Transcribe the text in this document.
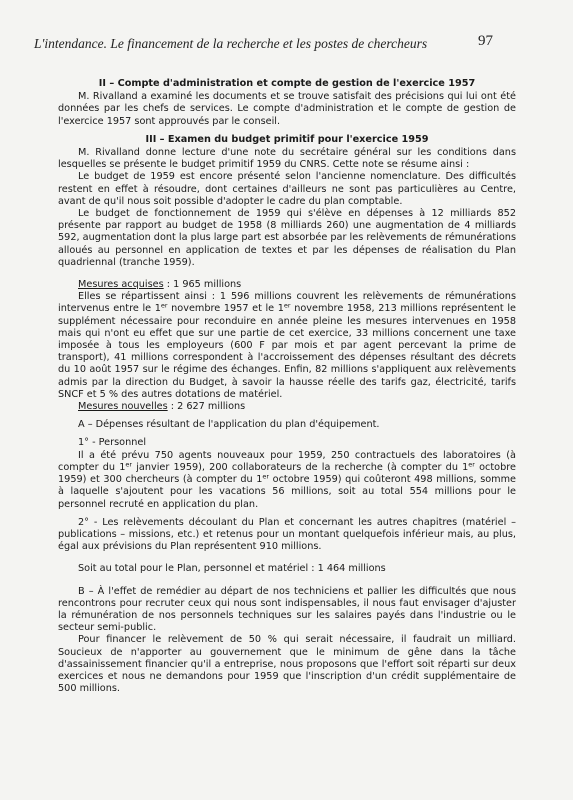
L'intendance. Le financement de la recherche et les postes de chercheurs	97

II – Compte d'administration et compte de gestion de l'exercice 1957

M. Rivalland a examiné les documents et se trouve satisfait des précisions qui lui ont été données par les chefs de services. Le compte d'administration et le compte de gestion de l'exercice 1957 sont approuvés par le conseil.

III – Examen du budget primitif pour l'exercice 1959

M. Rivalland donne lecture d'une note du secrétaire général sur les conditions dans lesquelles se présente le budget primitif 1959 du CNRS. Cette note se résume ainsi :

Le budget de 1959 est encore présenté selon l'ancienne nomenclature. Des difficultés restent en effet à résoudre, dont certaines d'ailleurs ne sont pas particulières au Centre, avant de qu'il nous soit possible d'adopter le cadre du plan comptable.

Le budget de fonctionnement de 1959 qui s'élève en dépenses à 12 milliards 852 présente par rapport au budget de 1958 (8 milliards 260) une augmentation de 4 milliards 592, augmentation dont la plus large part est absorbée par les relèvements de rémunérations alloués au personnel en application de textes et par les dépenses de réalisation du Plan quadriennal (tranche 1959).

Mesures acquises : 1 965 millions

Elles se répartissent ainsi : 1 596 millions couvrent les relèvements de rémunérations intervenus entre le 1er novembre 1957 et le 1er novembre 1958, 213 millions représentent le supplément nécessaire pour reconduire en année pleine les mesures intervenues en 1958 mais qui n'ont eu effet que sur une partie de cet exercice, 33 millions concernent une taxe imposée à tous les employeurs (600 F par mois et par agent percevant la prime de transport), 41 millions correspondent à l'accroissement des dépenses résultant des décrets du 10 août 1957 sur le régime des échanges. Enfin, 82 millions s'appliquent aux relèvements admis par la direction du Budget, à savoir la hausse réelle des tarifs gaz, électricité, tarifs SNCF et 5 % des autres dotations de matériel.

Mesures nouvelles : 2 627 millions

A – Dépenses résultant de l'application du plan d'équipement.

1° - Personnel

Il a été prévu 750 agents nouveaux pour 1959, 250 contractuels des laboratoires (à compter du 1er janvier 1959), 200 collaborateurs de la recherche (à compter du 1er octobre 1959) et 300 chercheurs (à compter du 1er octobre 1959) qui coûteront 498 millions, somme à laquelle s'ajoutent pour les vacations 56 millions, soit au total 554 millions pour le personnel recruté en application du plan.

2° - Les relèvements découlant du Plan et concernant les autres chapitres (matériel – publications – missions, etc.) et retenus pour un montant quelquefois inférieur mais, au plus, égal aux prévisions du Plan représentent 910 millions.

Soit au total pour le Plan, personnel et matériel : 1 464 millions

B – À l'effet de remédier au départ de nos techniciens et pallier les difficultés que nous rencontrons pour recruter ceux qui nous sont indispensables, il nous faut envisager d'ajuster la rémunération de nos personnels techniques sur les salaires payés dans l'industrie ou le secteur semi-public.

Pour financer le relèvement de 50 % qui serait nécessaire, il faudrait un milliard. Soucieux de n'apporter au gouvernement que le minimum de gêne dans la tâche d'assainissement financier qu'il a entreprise, nous proposons que l'effort soit réparti sur deux exercices et nous ne demandons pour 1959 que l'inscription d'un crédit supplémentaire de 500 millions.
